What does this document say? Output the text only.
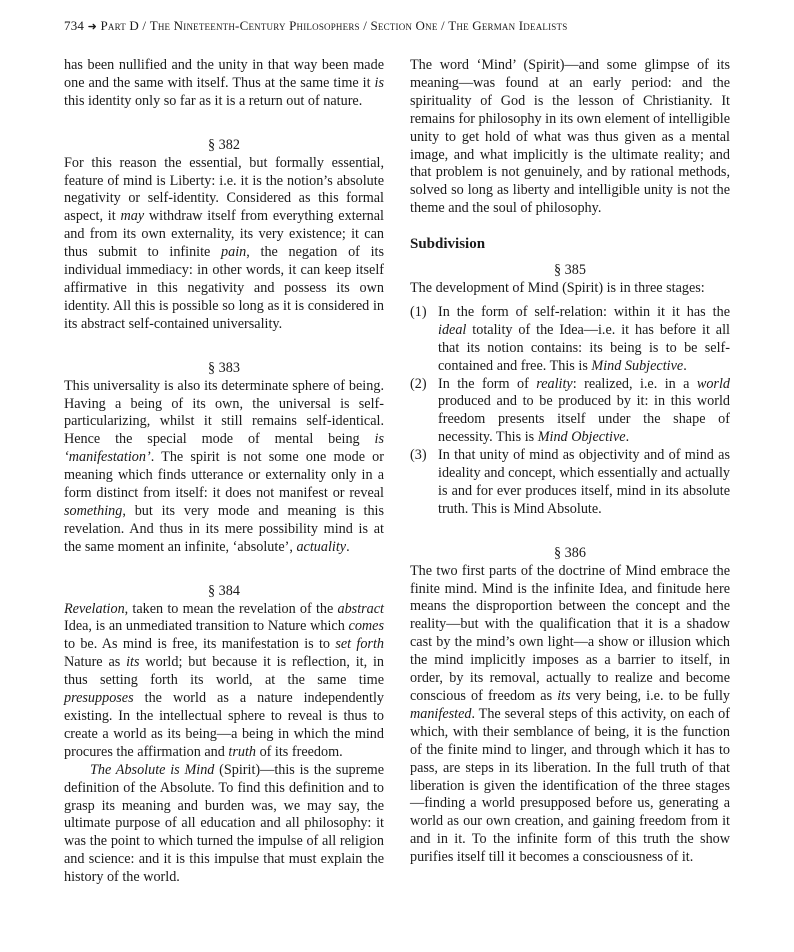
734 ➜ Part D / The Nineteenth-Century Philosophers / Section One / The German Idealists

has been nullified and the unity in that way been made one and the same with itself. Thus at the same time it is this identity only so far as it is a return out of nature.

§ 382

For this reason the essential, but formally essential, feature of mind is Liberty: i.e. it is the notion’s absolute negativity or self-identity. Considered as this formal aspect, it may withdraw itself from everything external and from its own externality, its very existence; it can thus submit to infinite pain, the negation of its individual immediacy: in other words, it can keep itself affirmative in this negativity and possess its own identity. All this is possible so long as it is considered in its abstract self-contained universality.

§ 383

This universality is also its determinate sphere of being. Having a being of its own, the universal is self-particularizing, whilst it still remains self-identical. Hence the special mode of mental being is ‘manifestation’. The spirit is not some one mode or meaning which finds utterance or externality only in a form distinct from itself: it does not manifest or reveal something, but its very mode and meaning is this revelation. And thus in its mere possibility mind is at the same moment an infinite, ‘absolute’, actuality.

§ 384

Revelation, taken to mean the revelation of the abstract Idea, is an unmediated transition to Nature which comes to be. As mind is free, its manifestation is to set forth Nature as its world; but because it is reflection, it, in thus setting forth its world, at the same time presupposes the world as a nature independently existing. In the intellectual sphere to reveal is thus to create a world as its being—a being in which the mind procures the affirmation and truth of its freedom.

The Absolute is Mind (Spirit)—this is the supreme definition of the Absolute. To find this definition and to grasp its meaning and burden was, we may say, the ultimate purpose of all education and all philosophy: it was the point to which turned the impulse of all religion and science: and it is this impulse that must explain the history of the world.

The word ‘Mind’ (Spirit)—and some glimpse of its meaning—was found at an early period: and the spirituality of God is the lesson of Christianity. It remains for philosophy in its own element of intelligible unity to get hold of what was thus given as a mental image, and what implicitly is the ultimate reality; and that problem is not genuinely, and by rational methods, solved so long as liberty and intelligible unity is not the theme and the soul of philosophy.

Subdivision

§ 385

The development of Mind (Spirit) is in three stages:

(1) In the form of self-relation: within it it has the ideal totality of the Idea—i.e. it has before it all that its notion contains: its being is to be self-contained and free. This is Mind Subjective.
(2) In the form of reality: realized, i.e. in a world produced and to be produced by it: in this world freedom presents itself under the shape of necessity. This is Mind Objective.
(3) In that unity of mind as objectivity and of mind as ideality and concept, which essentially and actually is and for ever produces itself, mind in its absolute truth. This is Mind Absolute.

§ 386

The two first parts of the doctrine of Mind embrace the finite mind. Mind is the infinite Idea, and finitude here means the disproportion between the concept and the reality—but with the qualification that it is a shadow cast by the mind’s own light—a show or illusion which the mind implicitly imposes as a barrier to itself, in order, by its removal, actually to realize and become conscious of freedom as its very being, i.e. to be fully manifested. The several steps of this activity, on each of which, with their semblance of being, it is the function of the finite mind to linger, and through which it has to pass, are steps in its liberation. In the full truth of that liberation is given the identification of the three stages—finding a world presupposed before us, generating a world as our own creation, and gaining freedom from it and in it. To the infinite form of this truth the show purifies itself till it becomes a consciousness of it.
